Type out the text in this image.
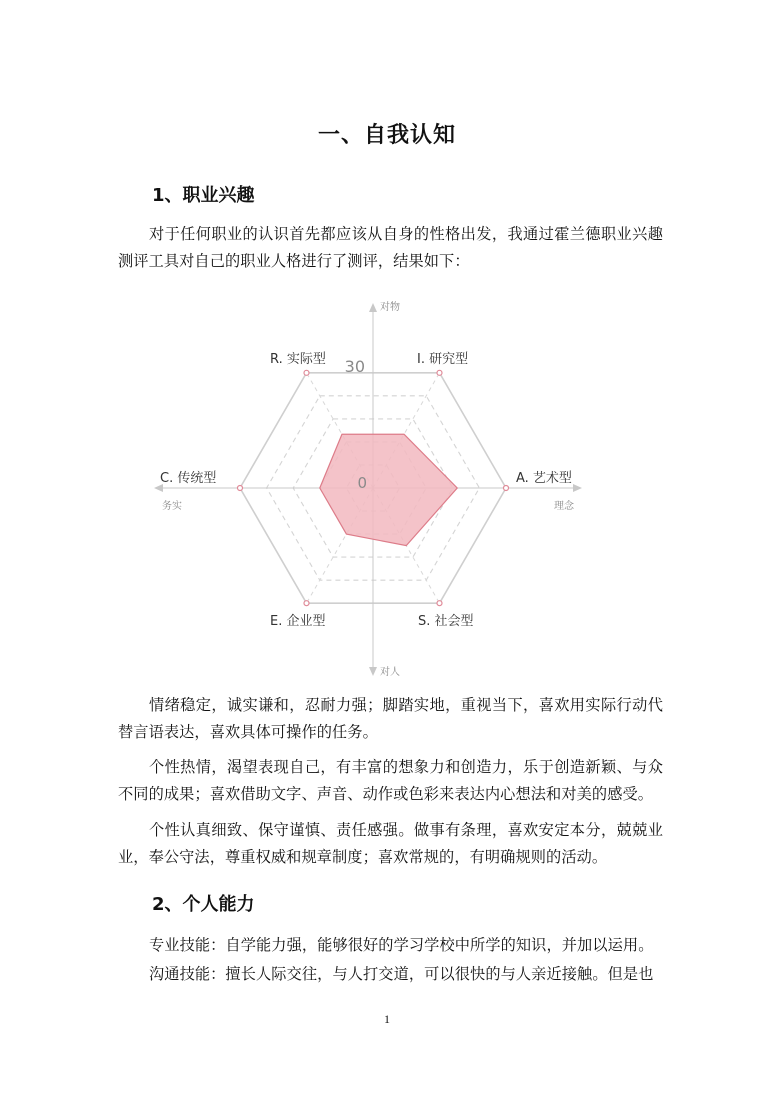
一、自我认知
1、职业兴趣
对于任何职业的认识首先都应该从自身的性格出发，我通过霍兰德职业兴趣测评工具对自己的职业人格进行了测评，结果如下：
30
0
R. 实际型	I. 研究型
A. 艺术型
S. 社会型
E. 企业型
C. 传统型
对物
对人
务实	理念
情绪稳定，诚实谦和，忍耐力强；脚踏实地，重视当下，喜欢用实际行动代替言语表达，喜欢具体可操作的任务。
个性热情，渴望表现自己，有丰富的想象力和创造力，乐于创造新颖、与众不同的成果；喜欢借助文字、声音、动作或色彩来表达内心想法和对美的感受。
个性认真细致、保守谨慎、责任感强。做事有条理，喜欢安定本分，兢兢业业，奉公守法，尊重权威和规章制度；喜欢常规的，有明确规则的活动。
2、个人能力
专业技能：自学能力强，能够很好的学习学校中所学的知识，并加以运用。
沟通技能：擅长人际交往，与人打交道，可以很快的与人亲近接触。但是也
1
